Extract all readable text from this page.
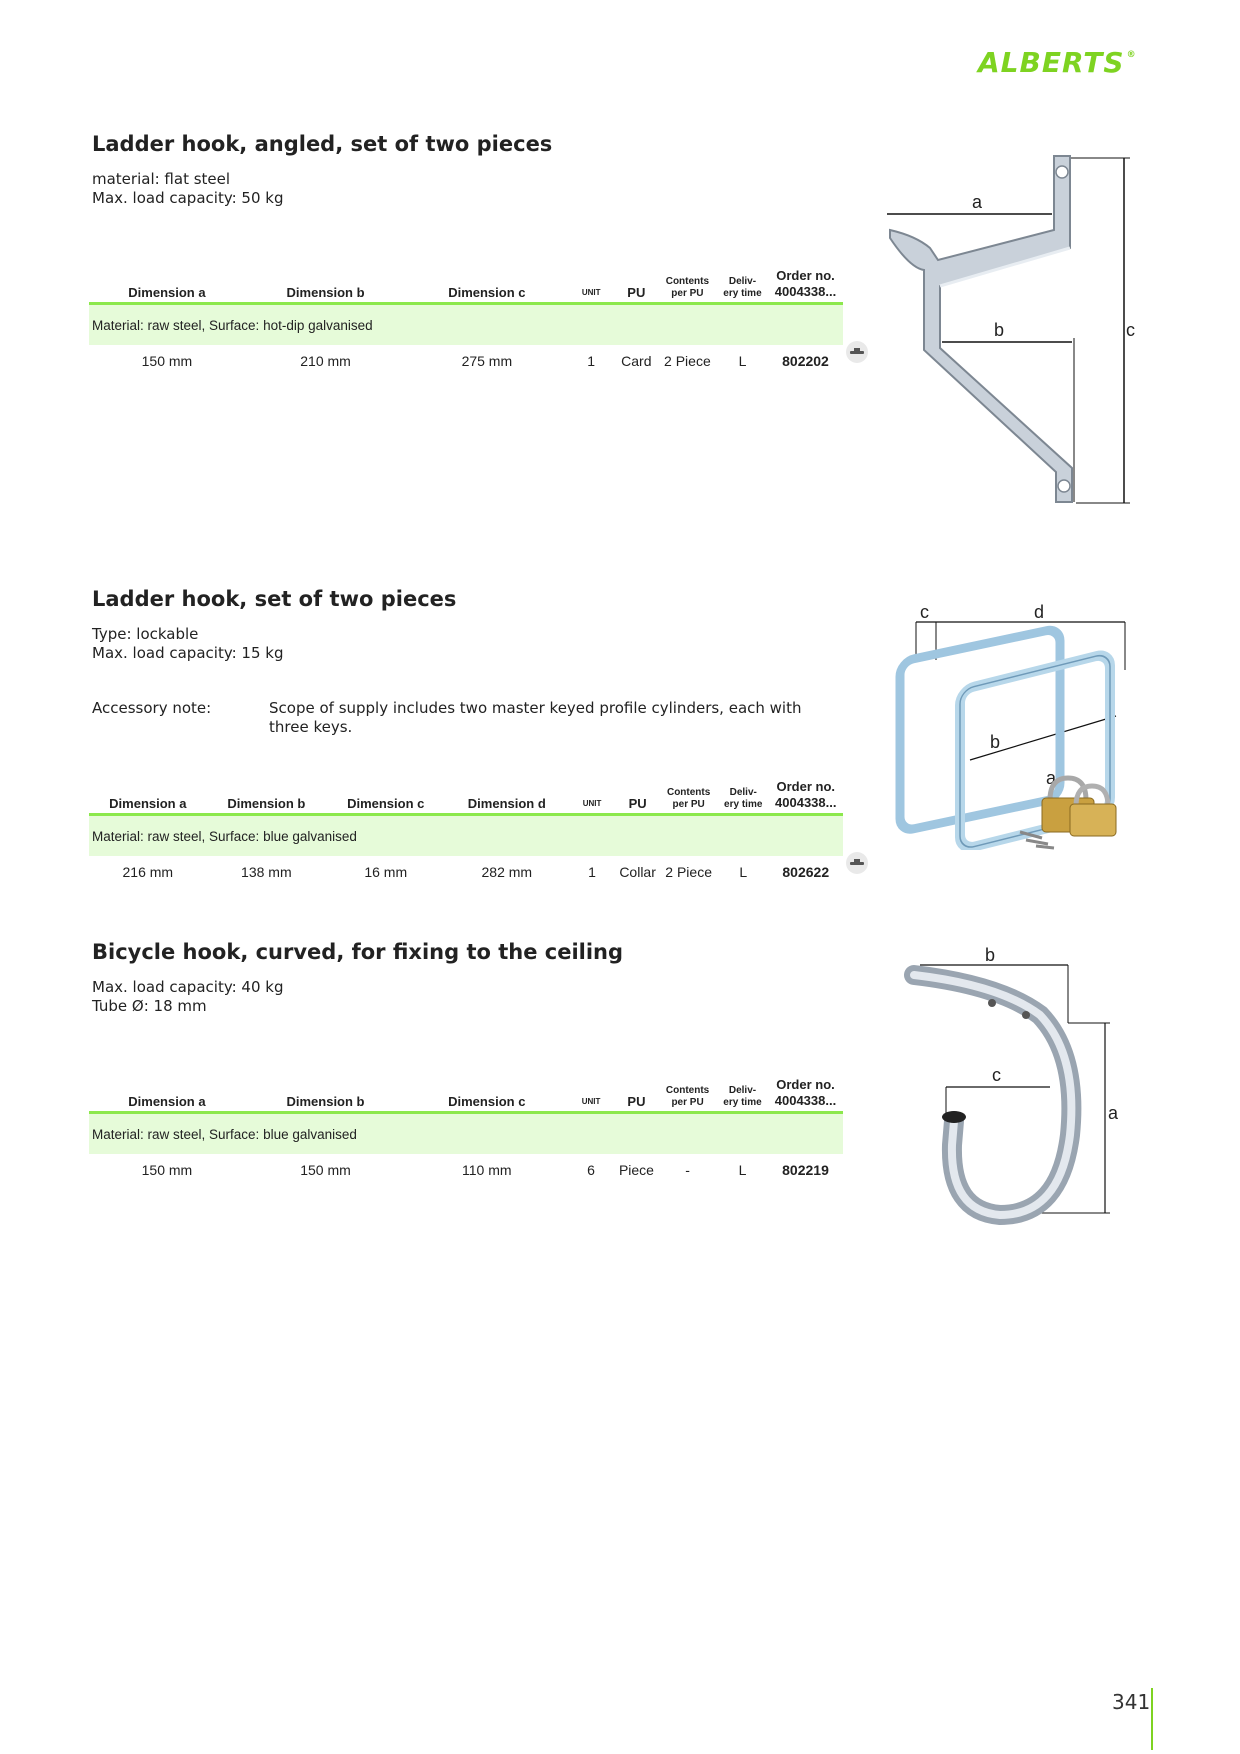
ALBERTS ®
Ladder hook, angled, set of two pieces
material: flat steel
Max. load capacity: 50 kg
Dimension a	Dimension b	Dimension c	UNIT	PU	Contents
per PU	Deliv-
ery time	Order no.
4004338...
Material: raw steel, Surface: hot-dip galvanised							
150 mm	210 mm	275 mm	1	Card	2 Piece	L	802202
a
b	c
Ladder hook, set of two pieces
Type: lockable
Max. load capacity: 15 kg
Accessory note:	Scope of supply includes two master keyed profile cylinders, each with three keys.
Dimension a	Dimension b	Dimension c	Dimension d	UNIT	PU	Contents
per PU	Deliv-
ery time	Order no.
4004338...
Material: raw steel, Surface: blue galvanised								
216 mm	138 mm	16 mm	282 mm	1	Collar	2 Piece	L	802622
c	d
b
a
Bicycle hook, curved, for fixing to the ceiling
Max. load capacity: 40 kg
Tube Ø: 18 mm
Dimension a	Dimension b	Dimension c	UNIT	PU	Contents
per PU	Deliv-
ery time	Order no.
4004338...
Material: raw steel, Surface: blue galvanised							
150 mm	150 mm	110 mm	6	Piece	-	L	802219
b
c
a
341
